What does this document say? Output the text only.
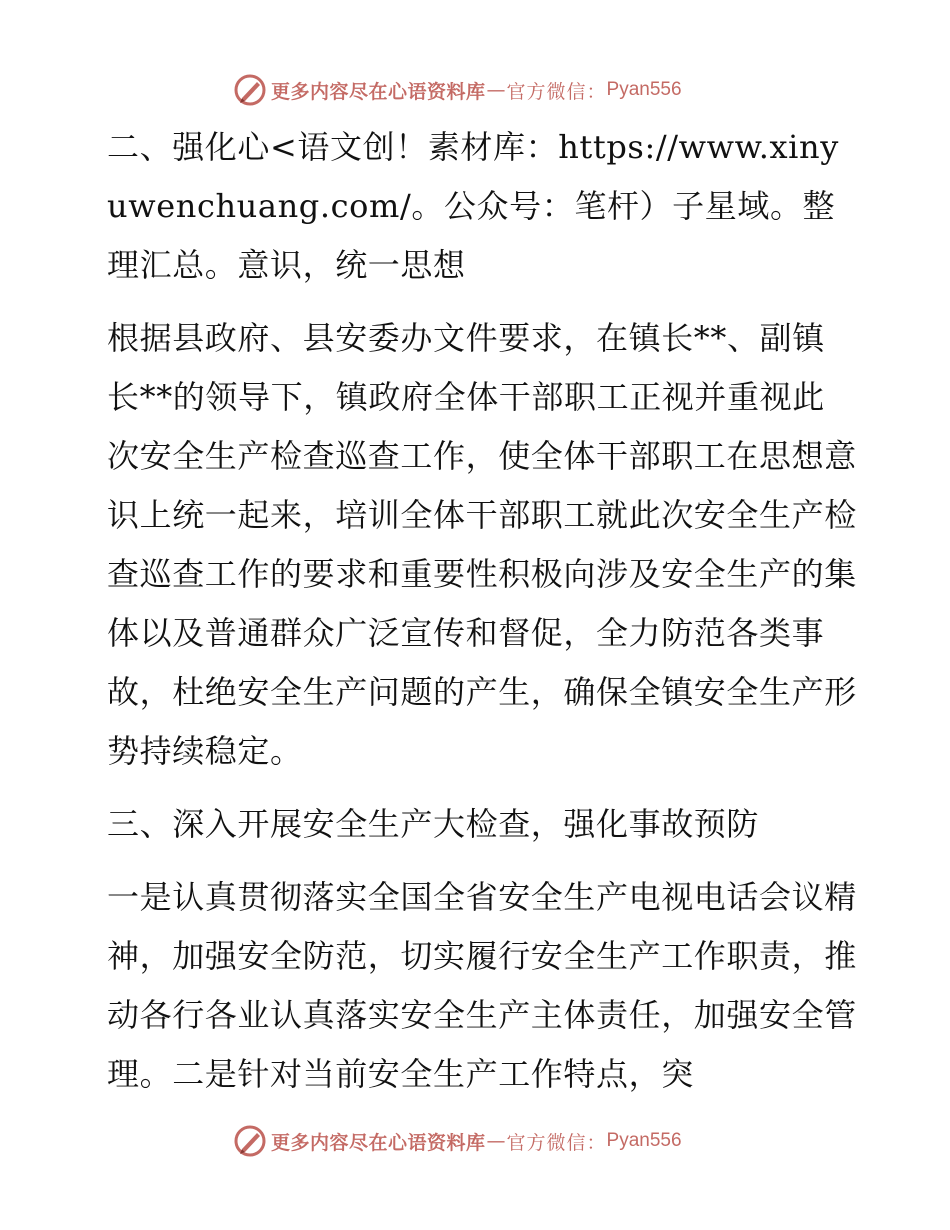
更多内容尽在心语资料库 — 官方微信： Pyan556

二、强化心<语文创！素材库：https://www.xinyuwenchuang.com/。公众号：笔杆）子星域。整理汇总。意识，统一思想

根据县政府、县安委办文件要求，在镇长**、副镇长**的领导下，镇政府全体干部职工正视并重视此次安全生产检查巡查工作，使全体干部职工在思想意识上统一起来，培训全体干部职工就此次安全生产检查巡查工作的要求和重要性积极向涉及安全生产的集体以及普通群众广泛宣传和督促，全力防范各类事故，杜绝安全生产问题的产生，确保全镇安全生产形势持续稳定。

三、深入开展安全生产大检查，强化事故预防

一是认真贯彻落实全国全省安全生产电视电话会议精神，加强安全防范，切实履行安全生产工作职责，推动各行各业认真落实安全生产主体责任，加强安全管理。二是针对当前安全生产工作特点，突

更多内容尽在心语资料库 — 官方微信： Pyan556
